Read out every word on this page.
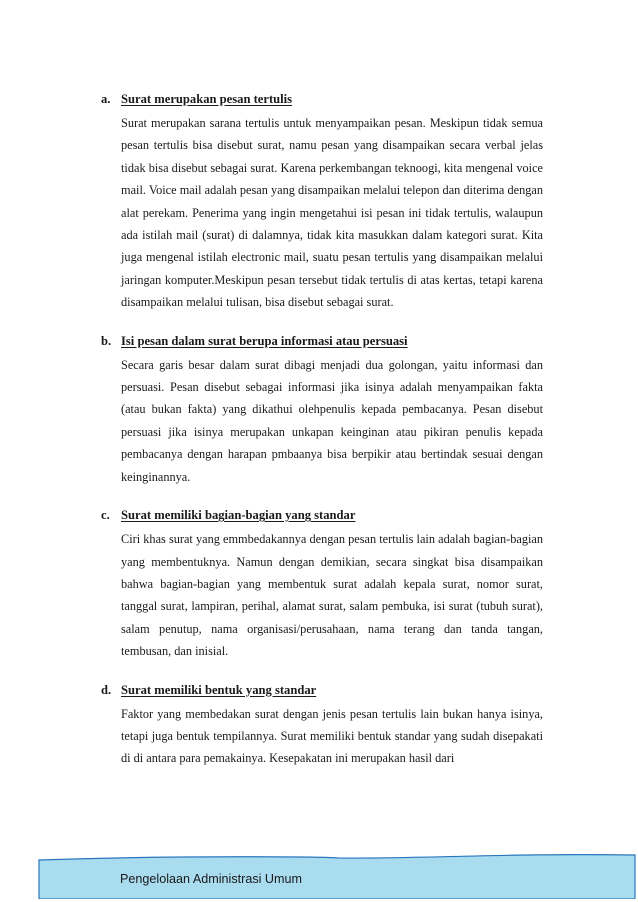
a. Surat merupakan pesan tertulis

Surat merupakan sarana tertulis untuk menyampaikan pesan. Meskipun tidak semua pesan tertulis bisa disebut surat, namu pesan yang disampaikan secara verbal jelas tidak bisa disebut sebagai surat. Karena perkembangan teknoogi, kita mengenal voice mail. Voice mail adalah pesan yang disampaikan melalui telepon dan diterima dengan alat perekam. Penerima yang ingin mengetahui isi pesan ini tidak tertulis, walaupun ada istilah mail (surat) di dalamnya, tidak kita masukkan dalam kategori surat. Kita juga mengenal istilah electronic mail, suatu pesan tertulis yang disampaikan melalui jaringan komputer.Meskipun pesan tersebut tidak tertulis di atas kertas, tetapi karena disampaikan melalui tulisan, bisa disebut sebagai surat.

b. Isi pesan dalam surat berupa informasi atau persuasi

Secara garis besar dalam surat dibagi menjadi dua golongan, yaitu informasi dan persuasi. Pesan disebut sebagai informasi jika isinya adalah menyampaikan fakta (atau bukan fakta) yang dikathui olehpenulis kepada pembacanya. Pesan disebut persuasi jika isinya merupakan unkapan keinginan atau pikiran penulis kepada pembacanya dengan harapan pmbaanya bisa berpikir atau bertindak sesuai dengan keinginannya.

c. Surat memiliki bagian-bagian yang standar

Ciri khas surat yang emmbedakannya dengan pesan tertulis lain adalah bagian-bagian yang membentuknya. Namun dengan demikian, secara singkat bisa disampaikan bahwa bagian-bagian yang membentuk surat adalah kepala surat, nomor surat, tanggal surat, lampiran, perihal, alamat surat, salam pembuka, isi surat (tubuh surat), salam penutup, nama organisasi/perusahaan, nama terang dan tanda tangan, tembusan, dan inisial.

d. Surat memiliki bentuk yang standar

Faktor yang membedakan surat dengan jenis pesan tertulis lain bukan hanya isinya, tetapi juga bentuk tempilannya. Surat memiliki bentuk standar yang sudah disepakati di di antara para pemakainya. Kesepakatan ini merupakan hasil dari

Pengelolaan Administrasi Umum
